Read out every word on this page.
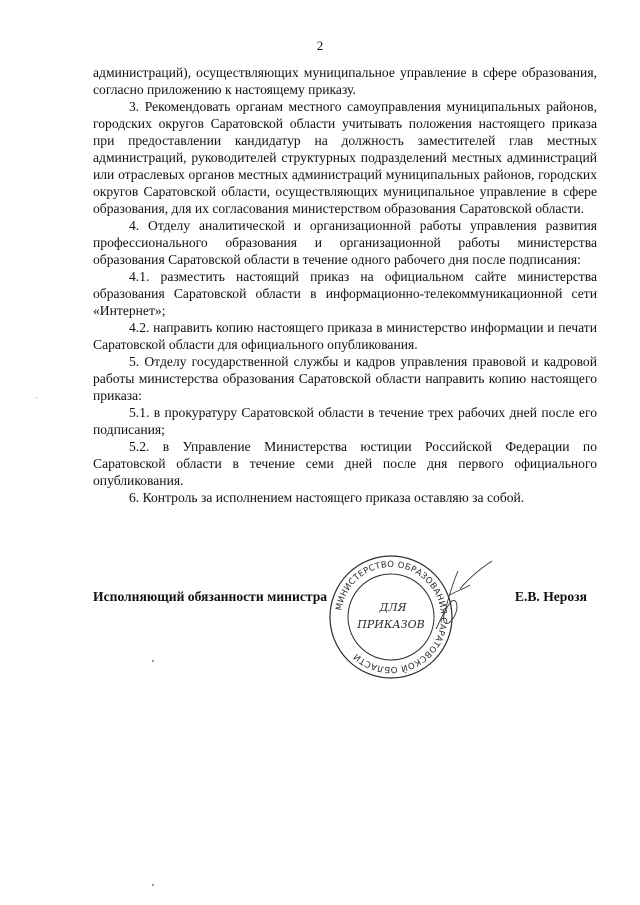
2

администраций), осуществляющих муниципальное управление в сфере образования, согласно приложению к настоящему приказу.

3. Рекомендовать органам местного самоуправления муниципальных районов, городских округов Саратовской области учитывать положения настоящего приказа при предоставлении кандидатур на должность заместителей глав местных администраций, руководителей структурных подразделений местных администраций или отраслевых органов местных администраций муниципальных районов, городских округов Саратовской области, осуществляющих муниципальное управление в сфере образования, для их согласования министерством образования Саратовской области.

4. Отделу аналитической и организационной работы управления развития профессионального образования и организационной работы министерства образования Саратовской области в течение одного рабочего дня после подписания:

4.1. разместить настоящий приказ на официальном сайте министерства образования Саратовской области в информационно-телекоммуникационной сети «Интернет»;

4.2. направить копию настоящего приказа в министерство информации и печати Саратовской области для официального опубликования.

5. Отделу государственной службы и кадров управления правовой и кадровой работы министерства образования Саратовской области направить копию настоящего приказа:

5.1. в прокуратуру Саратовской области в течение трех рабочих дней после его подписания;

5.2. в Управление Министерства юстиции Российской Федерации по Саратовской области в течение семи дней после дня первого официального опубликования.

6. Контроль за исполнением настоящего приказа оставляю за собой.

Исполняющий обязанности министра	Е.В. Нерозя
МИНИСТЕРСТВО ОБРАЗОВАНИЯ САРАТОВСКОЙ ОБЛАСТИ
ДЛЯ
ПРИКАЗОВ
